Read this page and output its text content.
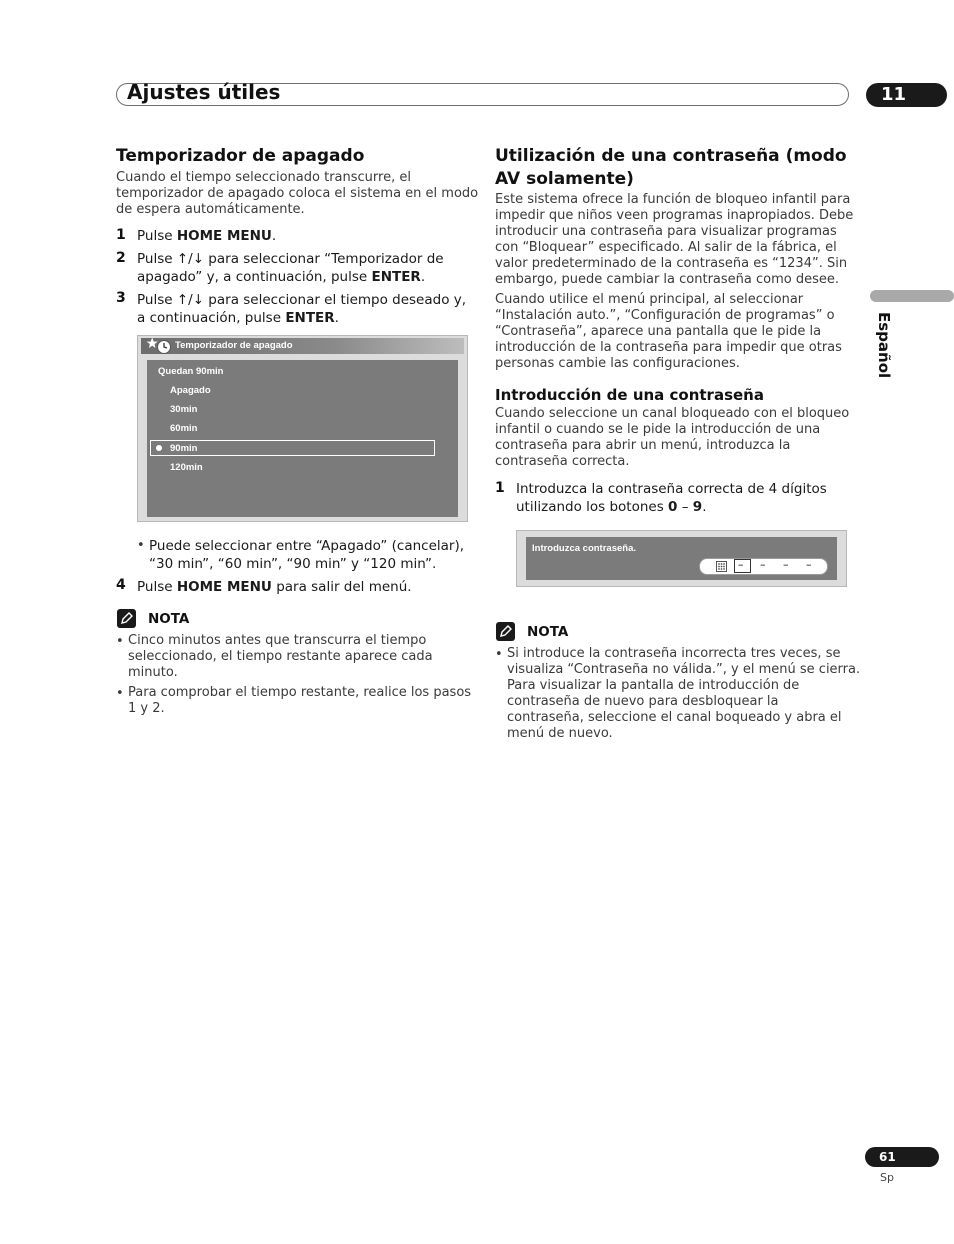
Ajustes útiles	11
Español
Temporizador de apagado
Cuando el tiempo seleccionado transcurre, el
temporizador de apagado coloca el sistema en el modo
de espera automáticamente.
1 Pulse HOME MENU.
2 Pulse ↑/↓ para seleccionar “Temporizador de
apagado” y, a continuación, pulse ENTER.
3 Pulse ↑/↓ para seleccionar el tiempo deseado y,
a continuación, pulse ENTER.
Temporizador de apagado
Quedan 90min
Apagado
30min
60min
90min
120min
• Puede seleccionar entre “Apagado” (cancelar),
“30 min”, “60 min”, “90 min” y “120 min”.
4 Pulse HOME MENU para salir del menú.
NOTA
• Cinco minutos antes que transcurra el tiempo
seleccionado, el tiempo restante aparece cada
minuto.
• Para comprobar el tiempo restante, realice los pasos
1 y 2.
Utilización de una contraseña (modo
AV solamente)
Este sistema ofrece la función de bloqueo infantil para
impedir que niños veen programas inapropiados. Debe
introducir una contraseña para visualizar programas
con “Bloquear” especificado. Al salir de la fábrica, el
valor predeterminado de la contraseña es “1234”. Sin
embargo, puede cambiar la contraseña como desee.
Cuando utilice el menú principal, al seleccionar
“Instalación auto.”, “Configuración de programas” o
“Contraseña”, aparece una pantalla que le pide la
introducción de la contraseña para impedir que otras
personas cambie las configuraciones.
Introducción de una contraseña
Cuando seleccione un canal bloqueado con el bloqueo
infantil o cuando se le pide la introducción de una
contraseña para abrir un menú, introduzca la
contraseña correcta.
1 Introduzca la contraseña correcta de 4 dígitos
utilizando los botones 0 – 9.
Introduzca contraseña.
– – – –
NOTA
• Si introduce la contraseña incorrecta tres veces, se
visualiza “Contraseña no válida.”, y el menú se cierra.
Para visualizar la pantalla de introducción de
contraseña de nuevo para desbloquear la
contraseña, seleccione el canal boqueado y abra el
menú de nuevo.
61
Sp
